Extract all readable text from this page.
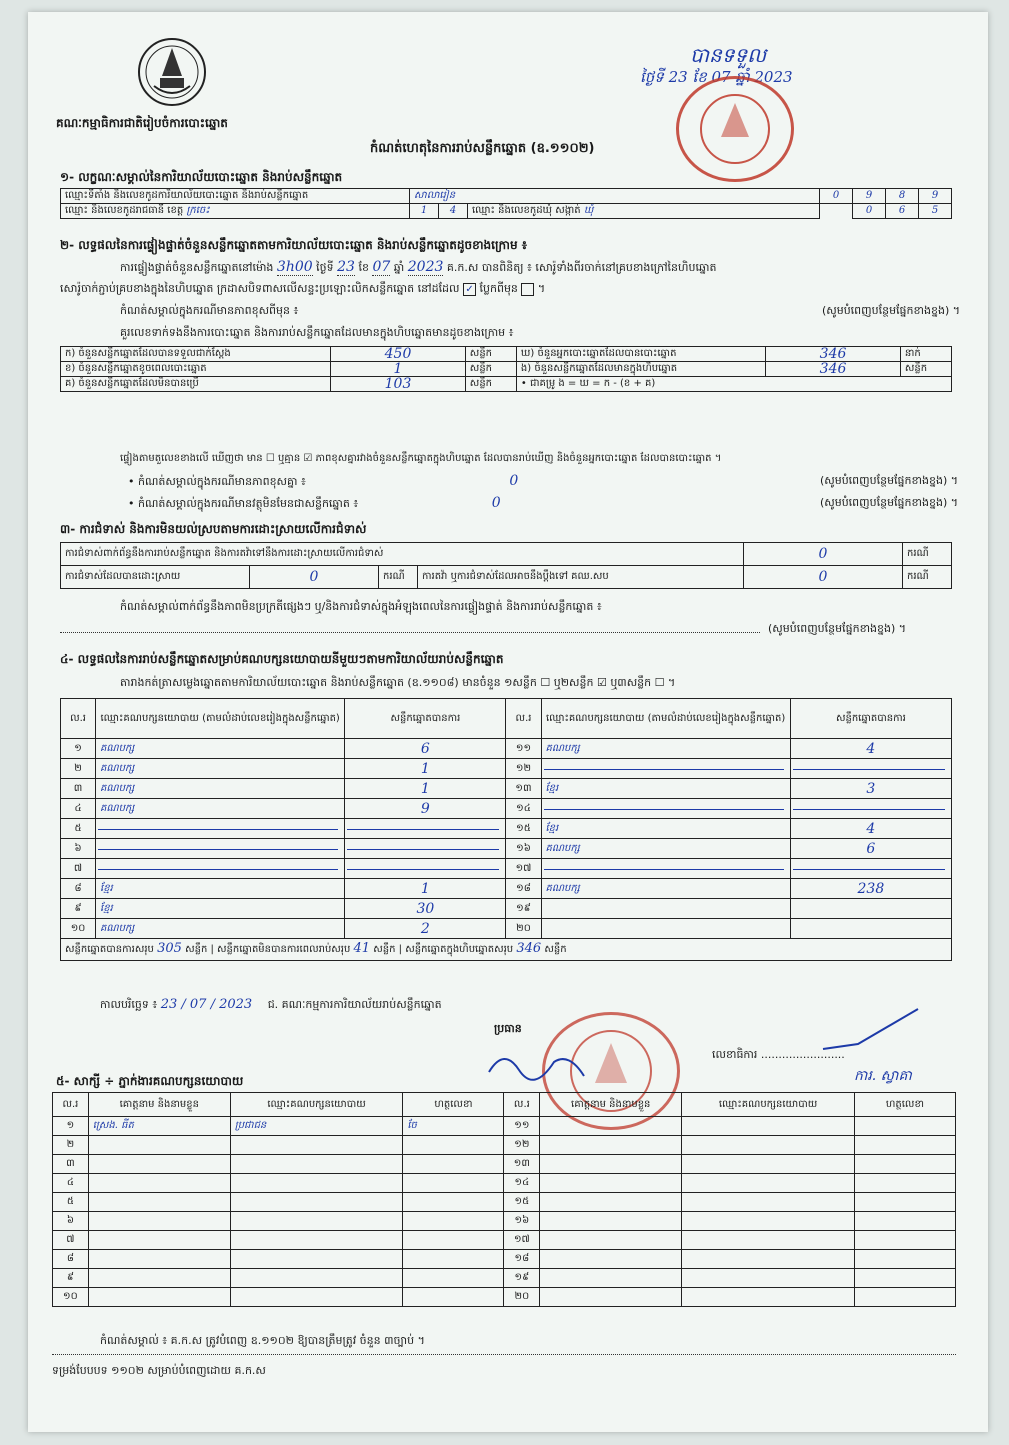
គណៈកម្មាធិការជាតិរៀបចំការបោះឆ្នោត
កំណត់ហេតុនៃការរាប់សន្លឹកឆ្នោត (ឧ.១១០២)
បានទទួល
ថ្ងៃទី 23 ខែ 07 ឆ្នាំ 2023
១- លក្ខណៈសម្គាល់នៃការិយាល័យបោះឆ្នោត និងរាប់សន្លឹកឆ្នោត
ឈ្មោះទីតាំង និងលេខកូដការិយាល័យបោះឆ្នោត និងរាប់សន្លឹកឆ្នោត	សាលារៀន			0	9	8	9
ឈ្មោះ និងលេខកូដរាជធានី ខេត្ត ក្រចេះ	1	4	ឈ្មោះ និងលេខកូដឃុំ សង្កាត់ ឃុំ		0	6	5
២- លទ្ធផលនៃការផ្ទៀងផ្ទាត់ចំនួនសន្លឹកឆ្នោតតាមការិយាល័យបោះឆ្នោត និងរាប់សន្លឹកឆ្នោតដូចខាងក្រោម ៖
ការផ្ទៀងផ្ទាត់ចំនួនសន្លឹកឆ្នោតនៅម៉ោង 3h00 ថ្ងៃទី 23 ខែ 07 ឆ្នាំ 2023 គ.ក.ស បានពិនិត្យ ៖ សោរ៉ូទាំងពីរចាក់នៅគ្របខាងក្រៅនៃហិបឆ្នោត
សោរ៉ូចាក់ភ្ជាប់គ្របខាងក្នុងនៃហិបឆ្នោត ក្រដាសបិទពាសលើសន្ទះប្រឡោះលិកសន្លឹកឆ្នោត នៅដដែល ✓ ប្លែកពីមុន  ។
កំណត់សម្គាល់ក្នុងករណីមានភាពខុសពីមុន ៖	(សូមបំពេញបន្ថែមផ្នែកខាងខ្នង) ។
គួរលេខទាក់ទងនឹងការបោះឆ្នោត និងការរាប់សន្លឹកឆ្នោតដែលមានក្នុងហិបឆ្នោតមានដូចខាងក្រោម ៖
ក) ចំនួនសន្លឹកឆ្នោតដែលបានទទួលជាក់ស្តែង	450	សន្លឹក	ឃ) ចំនួនអ្នកបោះឆ្នោតដែលបានបោះឆ្នោត	346	នាក់
ខ) ចំនួនសន្លឹកឆ្នោតខូចពេលបោះឆ្នោត	1	សន្លឹក	ង) ចំនួនសន្លឹកឆ្នោតដែលមានក្នុងហិបឆ្នោត	346	សន្លឹក
គ) ចំនួនសន្លឹកឆ្នោតដែលមិនបានប្រើ	103	សន្លឹក	• ជាគម្រូ ង = ឃ = ក - (ខ + គ)		
ផ្ទៀងតាមតួលេខខាងលើ ឃើញថា មាន ☐ ឬគ្មាន ☑ ភាពខុសគ្នារវាងចំនួនសន្លឹកឆ្នោតក្នុងហិបឆ្នោត ដែលបានរាប់ឃើញ និងចំនួនអ្នកបោះឆ្នោត ដែលបានបោះឆ្នោត ។
• កំណត់សម្គាល់ក្នុងករណីមានភាពខុសគ្នា ៖	0	(សូមបំពេញបន្ថែមផ្នែកខាងខ្នង) ។
• កំណត់សម្គាល់ក្នុងករណីមានវត្ថុមិនមែនជាសន្លឹកឆ្នោត ៖	0	(សូមបំពេញបន្ថែមផ្នែកខាងខ្នង) ។
៣- ការជំទាស់ និងការមិនយល់ស្របតាមការដោះស្រាយលើការជំទាស់
ការជំទាស់ពាក់ព័ន្ធនឹងការរាប់សន្លឹកឆ្នោត និងការតវ៉ាទៅនឹងការដោះស្រាយលើការជំទាស់				0	ករណី
ការជំទាស់ដែលបានដោះស្រាយ	0	ករណី	ការតវ៉ា ឬការជំទាស់ដែលអាចនឹងប្ដឹងទៅ គឈ.សប	0	ករណី
កំណត់សម្គាល់ពាក់ព័ន្ធនឹងភាពមិនប្រក្រតីផ្សេងៗ ឬ/និងការជំទាស់ក្នុងអំឡុងពេលនៃការផ្ទៀងផ្ទាត់ និងការរាប់សន្លឹកឆ្នោត ៖
(សូមបំពេញបន្ថែមផ្នែកខាងខ្នង) ។
៤- លទ្ធផលនៃការរាប់សន្លឹកឆ្នោតសម្រាប់គណបក្សនយោបាយនីមួយៗតាមការិយាល័យរាប់សន្លឹកឆ្នោត
តារាងកត់ត្រាសម្លេងឆ្នោតតាមការិយាល័យបោះឆ្នោត និងរាប់សន្លឹកឆ្នោត (ឧ.១១០៨) មានចំនួន ១សន្លឹក ☐ ឬ២សន្លឹក ☑ ឬ៣សន្លឹក ☐ ។
ល.រ	ឈ្មោះគណបក្សនយោបាយ (តាមលំដាប់លេខរៀងក្នុងសន្លឹកឆ្នោត)	សន្លឹកឆ្នោតបានការ	ល.រ	ឈ្មោះគណបក្សនយោបាយ (តាមលំដាប់លេខរៀងក្នុងសន្លឹកឆ្នោត)	សន្លឹកឆ្នោតបានការ
១	គណបក្ស	6	១១	គណបក្ស	4
២	គណបក្ស	1	១២	

៣	គណបក្ស	1	១៣	ខ្មែរ	3
៤	គណបក្ស	9	១៤	

៥			១៥	ខ្មែរ	4
៦			១៦	គណបក្ស	6
៧			១៧	

៨	ខ្មែរ	1	១៨	គណបក្ស	238
៩	ខ្មែរ	30	១៩		
១០	គណបក្ស	2	២០		
សន្លឹកឆ្នោតបានការសរុប 305 សន្លឹក | សន្លឹកឆ្នោតមិនបានការពេលរាប់សរុប 41 សន្លឹក | សន្លឹកឆ្នោតក្នុងហិបឆ្នោតសរុប 346 សន្លឹក					
កាលបរិច្ឆេទ ៖ 23 / 07 / 2023 ជ. គណៈកម្មការការិយាល័យរាប់សន្លឹកឆ្នោត
ប្រធាន
លេខាធិការ ........................
ការ. ស្វាគា
៥- សាក្សី ÷ ភ្នាក់ងារគណបក្សនយោបាយ
ល.រ	គោត្តនាម និងនាមខ្លួន	ឈ្មោះគណបក្សនយោបាយ	ហត្ថលេខា	ល.រ	គោត្តនាម និងនាមខ្លួន	ឈ្មោះគណបក្សនយោបាយ	ហត្ថលេខា
១	ស្រេង. ធីត	ប្រជាជន	ចែ	១១			
២				១២			
៣				១៣			
៤				១៤			
៥				១៥			
៦				១៦			
៧				១៧			
៨				១៨			
៩				១៩			
១០				២០			
កំណត់សម្គាល់ ៖ គ.ក.ស ត្រូវបំពេញ ឧ.១១០២ ឱ្យបានត្រឹមត្រូវ ចំនួន ៣ច្បាប់ ។
ទម្រង់បែបបទ ១១០២ សម្រាប់បំពេញដោយ គ.ក.ស
